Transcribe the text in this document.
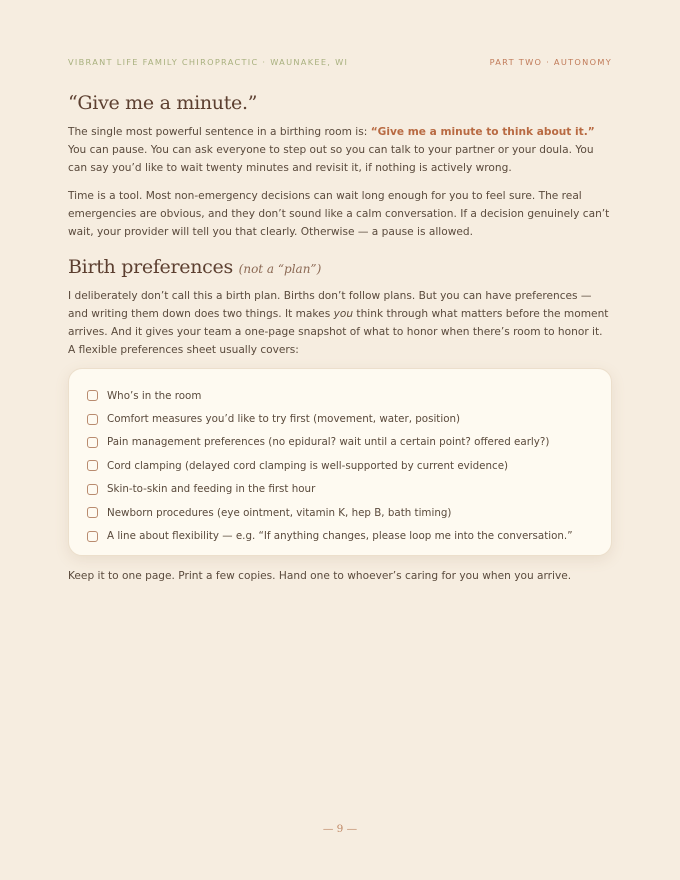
VIBRANT LIFE FAMILY CHIROPRACTIC · WAUNAKEE, WI	PART TWO · AUTONOMY
“Give me a minute.”

The single most powerful sentence in a birthing room is: “Give me a minute to think about it.” You can pause. You can ask everyone to step out so you can talk to your partner or your doula. You can say you’d like to wait twenty minutes and revisit it, if nothing is actively wrong.

Time is a tool. Most non-emergency decisions can wait long enough for you to feel sure. The real emergencies are obvious, and they don’t sound like a calm conversation. If a decision genuinely can’t wait, your provider will tell you that clearly. Otherwise — a pause is allowed.

Birth preferences (not a “plan”)

I deliberately don’t call this a birth plan. Births don’t follow plans. But you can have preferences — and writing them down does two things. It makes you think through what matters before the moment arrives. And it gives your team a one-page snapshot of what to honor when there’s room to honor it. A flexible preferences sheet usually covers:

Who’s in the room
Comfort measures you’d like to try first (movement, water, position)
Pain management preferences (no epidural? wait until a certain point? offered early?)
Cord clamping (delayed cord clamping is well-supported by current evidence)
Skin-to-skin and feeding in the first hour
Newborn procedures (eye ointment, vitamin K, hep B, bath timing)
A line about flexibility — e.g. “If anything changes, please loop me into the conversation.”

Keep it to one page. Print a few copies. Hand one to whoever’s caring for you when you arrive.

— 9 —
